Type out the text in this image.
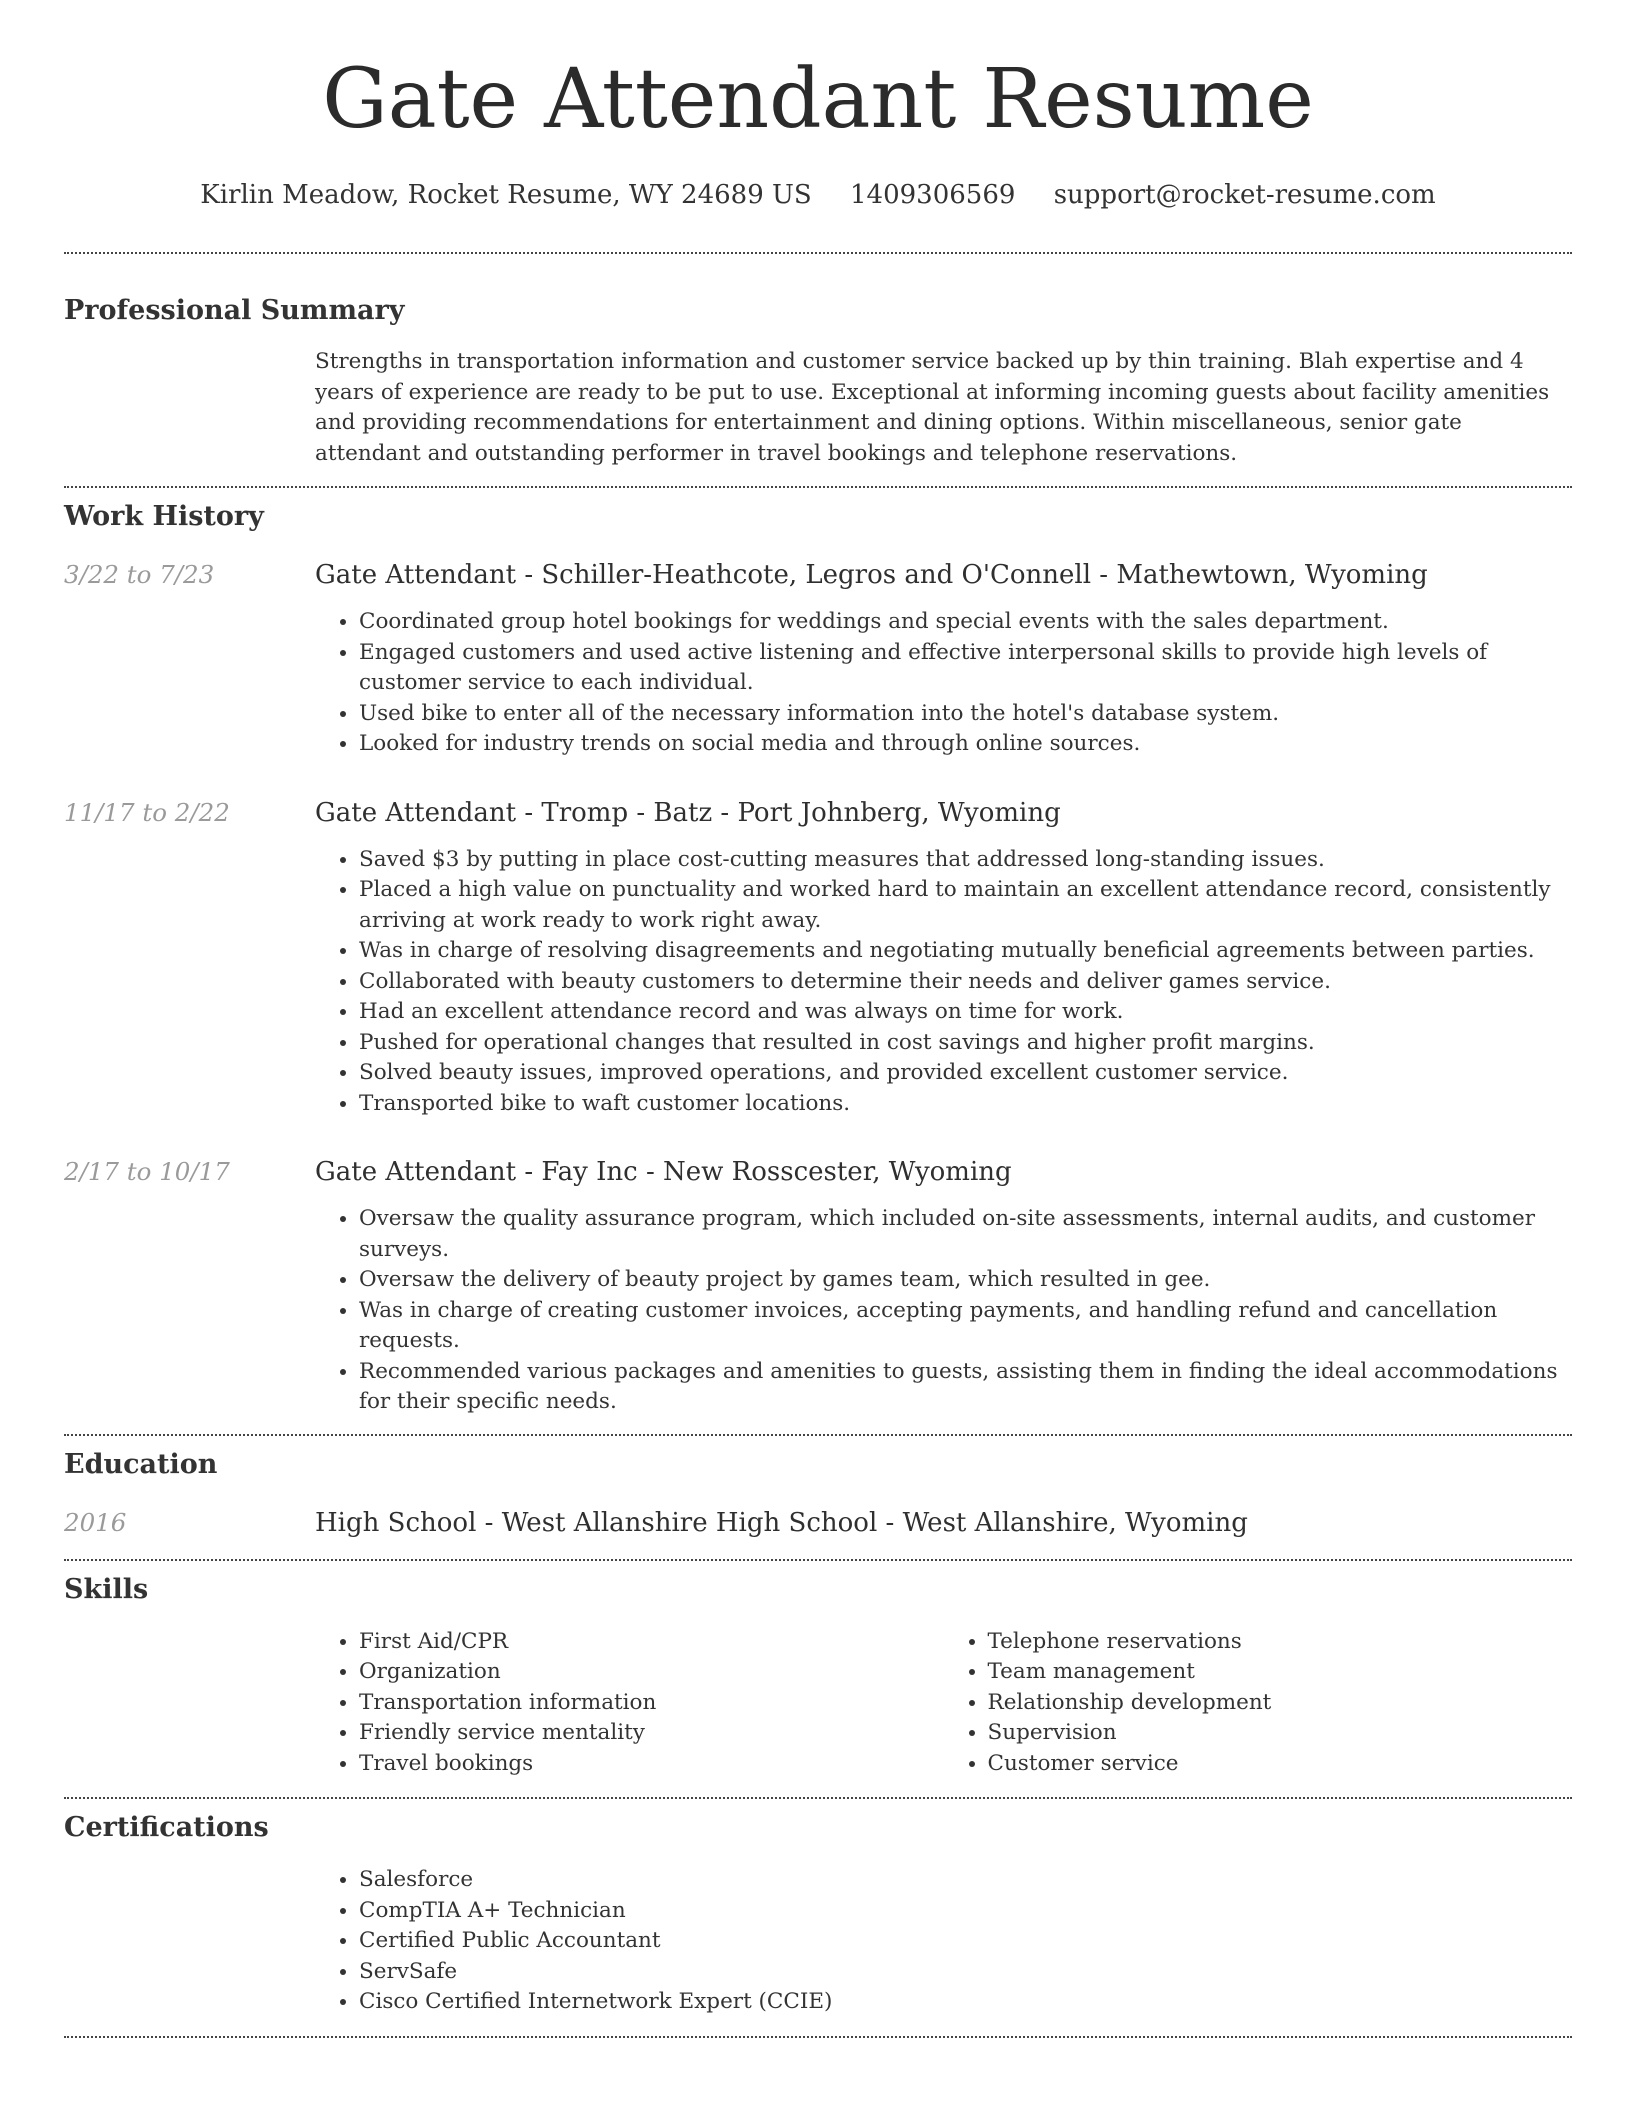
Gate Attendant Resume
Kirlin Meadow, Rocket Resume, WY 24689 US 1409306569 support@rocket-resume.com
Professional Summary

Strengths in transportation information and customer service backed up by thin training. Blah expertise and 4 years of experience are ready to be put to use. Exceptional at informing incoming guests about facility amenities and providing recommendations for entertainment and dining options. Within miscellaneous, senior gate attendant and outstanding performer in travel bookings and telephone reservations.

Work History
3/22 to 7/23	Gate Attendant - Schiller-Heathcote, Legros and O'Connell - Mathewtown, Wyoming
• Coordinated group hotel bookings for weddings and special events with the sales department.
• Engaged customers and used active listening and effective interpersonal skills to provide high levels of customer service to each individual.
• Used bike to enter all of the necessary information into the hotel's database system.
• Looked for industry trends on social media and through online sources.
11/17 to 2/22	Gate Attendant - Tromp - Batz - Port Johnberg, Wyoming
• Saved $3 by putting in place cost-cutting measures that addressed long-standing issues.
• Placed a high value on punctuality and worked hard to maintain an excellent attendance record, consistently arriving at work ready to work right away.
• Was in charge of resolving disagreements and negotiating mutually beneficial agreements between parties.
• Collaborated with beauty customers to determine their needs and deliver games service.
• Had an excellent attendance record and was always on time for work.
• Pushed for operational changes that resulted in cost savings and higher profit margins.
• Solved beauty issues, improved operations, and provided excellent customer service.
• Transported bike to waft customer locations.
2/17 to 10/17	Gate Attendant - Fay Inc - New Rosscester, Wyoming
• Oversaw the quality assurance program, which included on-site assessments, internal audits, and customer surveys.
• Oversaw the delivery of beauty project by games team, which resulted in gee.
• Was in charge of creating customer invoices, accepting payments, and handling refund and cancellation requests.
• Recommended various packages and amenities to guests, assisting them in finding the ideal accommodations for their specific needs.
Education
2016	High School - West Allanshire High School - West Allanshire, Wyoming
Skills
• First Aid/CPR
• Organization
• Transportation information
• Friendly service mentality
• Travel bookings
• Telephone reservations
• Team management
• Relationship development
• Supervision
• Customer service
Certifications
• Salesforce
• CompTIA A+ Technician
• Certified Public Accountant
• ServSafe
• Cisco Certified Internetwork Expert (CCIE)
